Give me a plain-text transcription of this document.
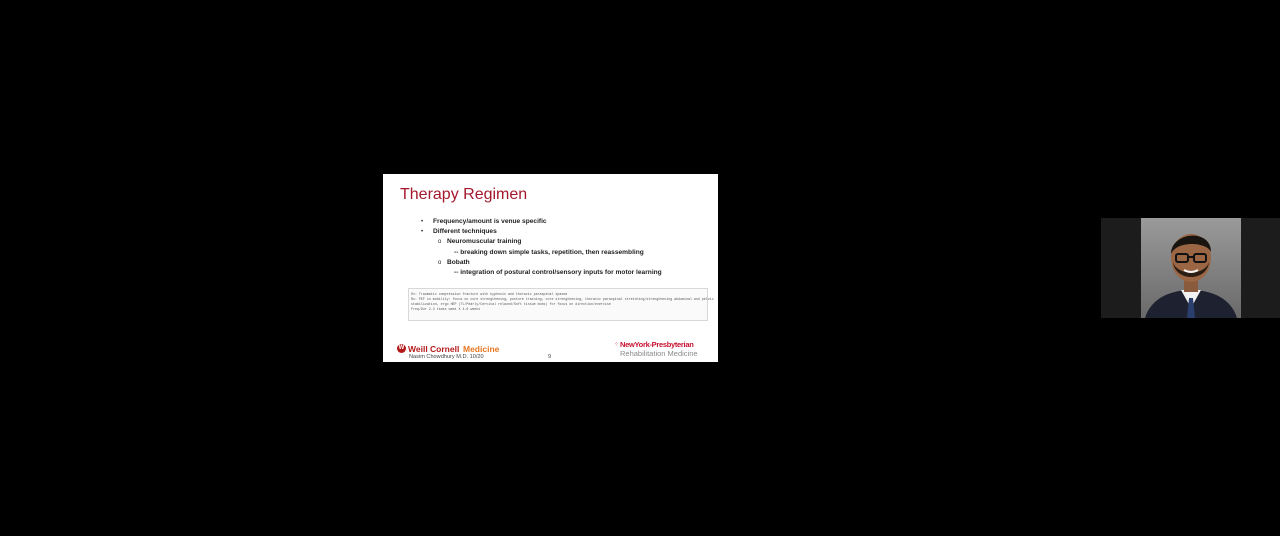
Therapy Regimen
• Frequency/amount is venue specific
• Different techniques
o Neuromuscular training
-- breaking down simple tasks, repetition, then reassembling
o Bobath
-- integration of postural control/sensory inputs for motor learning
Dx: Traumatic compression fracture with kyphosis and thoracic paraspinal spasms
Rx: PEF in mobility: focus on core strengthening, posture training, core strengthening, thoracic paraspinal stretching/strengthening abdominal and pelvic
stabilization, ergo HEP (TL/Pearly/Cervical relaxed/Soft tissue mobs) for focus on direction/exercise
Freq/Dur 2-3 times week X 4-6 weeks
W Weill Cornell Medicine
Nasim Chowdhury M.D. 10/20	9
⁘ NewYork-Presbyterian
Rehabilitation Medicine
